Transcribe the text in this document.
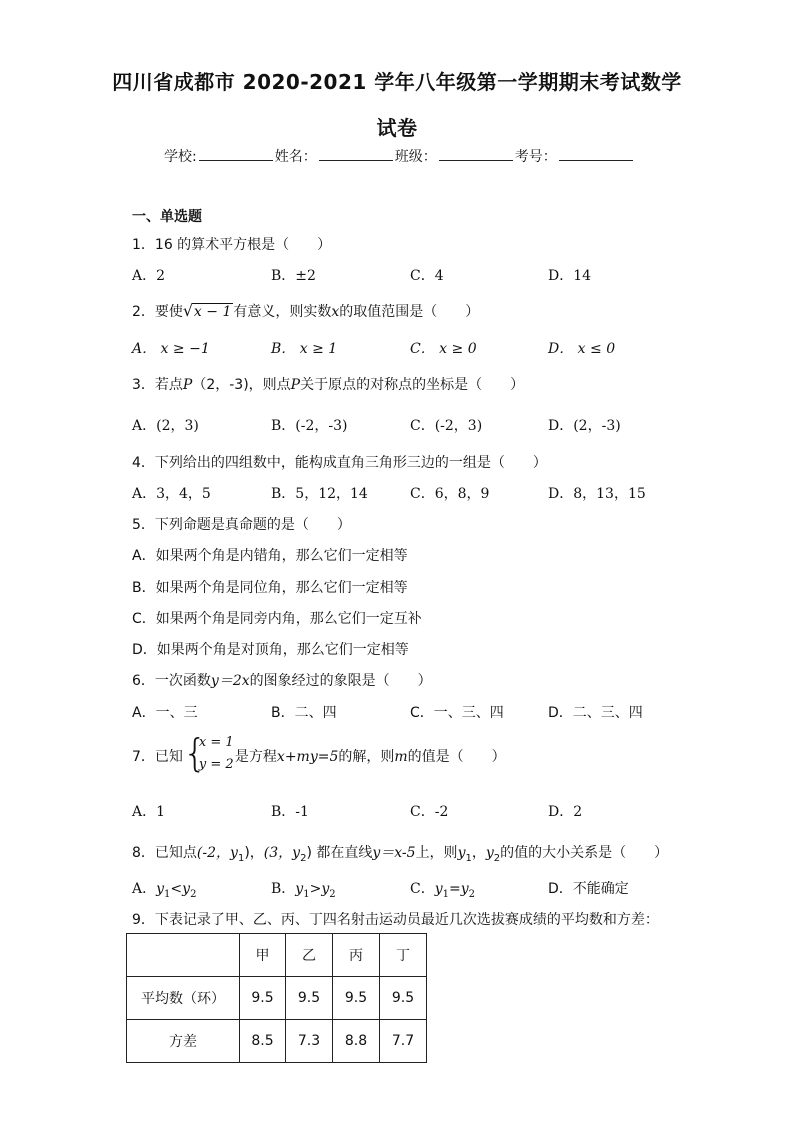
四川省成都市 2020-2021 学年八年级第一学期期末考试数学
试卷
学校:	姓名：	班级：	考号：
一、单选题
1．16 的算术平方根是（　　）
A．2	B．±2	C．4	D．14
2．要使 √ x − 1 有意义，则实数x的取值范围是（　　）
A． x ≥ −1	B． x ≥ 1	C． x ≥ 0	D． x ≤ 0
3．若点P（2，-3)，则点P关于原点的对称点的坐标是（　　）
A．(2，3)	B．(-2，-3)	C．(-2，3)	D．(2，-3)
4．下列给出的四组数中，能构成直角三角形三边的一组是（　　）
A．3，4，5	B．5，12，14	C．6，8，9	D．8，13，15
5．下列命题是真命题的是（　　）
A．如果两个角是内错角，那么它们一定相等
B．如果两个角是同位角，那么它们一定相等
C．如果两个角是同旁内角，那么它们一定互补
D．如果两个角是对顶角，那么它们一定相等
6．一次函数y＝2x的图象经过的象限是（　　）
A．一、三	B．二、四	C．一、三、四	D．二、三、四
7．已知 {
x = 1
y = 2 是方程x+my=5的解，则m的值是（　　）
A．1	B．-1	C．-2	D．2
8．已知点(-2，$y_1$)，(3，$y_2$) 都在直线y＝x-5上，则$y_1$，$y_2$的值的大小关系是（　　）
A．$y_1<y_2$	B．$y_1>y_2$	C．$y_1=y_2$	D．不能确定
9．下表记录了甲、乙、丙、丁四名射击运动员最近几次选拔赛成绩的平均数和方差：
	甲	乙	丙	丁
平均数（环）	9.5	9.5	9.5	9.5
方差	8.5	7.3	8.8	7.7
